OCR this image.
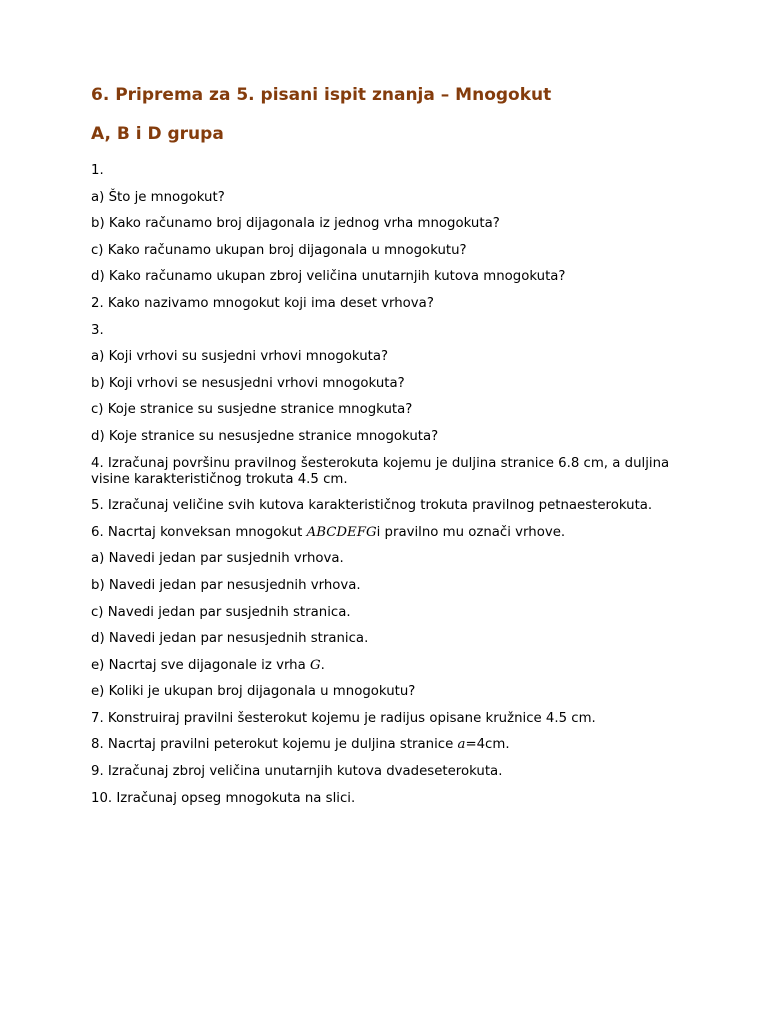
6. Priprema za 5. pisani ispit znanja – Mnogokut
A, B i D grupa

1.

a) Što je mnogokut?

b) Kako računamo broj dijagonala iz jednog vrha mnogokuta?

c) Kako računamo ukupan broj dijagonala u mnogokutu?

d) Kako računamo ukupan zbroj veličina unutarnjih kutova mnogokuta?

2. Kako nazivamo mnogokut koji ima deset vrhova?

3.

a) Koji vrhovi su susjedni vrhovi mnogokuta?

b) Koji vrhovi se nesusjedni vrhovi mnogokuta?

c) Koje stranice su susjedne stranice mnogkuta?

d) Koje stranice su nesusjedne stranice mnogokuta?

4. Izračunaj površinu pravilnog šesterokuta kojemu je duljina stranice 6.8 cm, a duljina visine karakterističnog trokuta 4.5 cm.

5. Izračunaj veličine svih kutova karakterističnog trokuta pravilnog petnaesterokuta.

6. Nacrtaj konveksan mnogokut ABCDEFGi pravilno mu označi vrhove.

a) Navedi jedan par susjednih vrhova.

b) Navedi jedan par nesusjednih vrhova.

c) Navedi jedan par susjednih stranica.

d) Navedi jedan par nesusjednih stranica.

e) Nacrtaj sve dijagonale iz vrha G.

e) Koliki je ukupan broj dijagonala u mnogokutu?

7. Konstruiraj pravilni šesterokut kojemu je radijus opisane kružnice 4.5 cm.

8. Nacrtaj pravilni peterokut kojemu je duljina stranice a=4cm.

9. Izračunaj zbroj veličina unutarnjih kutova dvadeseterokuta.

10. Izračunaj opseg mnogokuta na slici.
